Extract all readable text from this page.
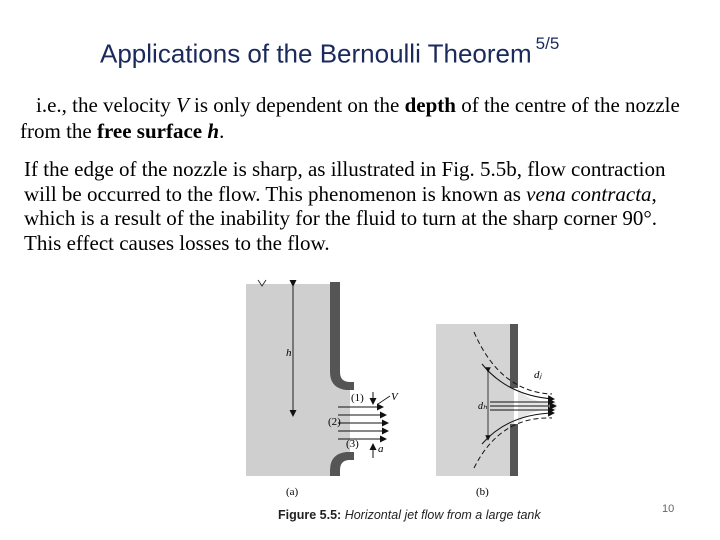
Applications of the Bernoulli Theorem $^{5/5}$
i.e., the velocity V is only dependent on the depth of the centre of the nozzle from the free surface h.
If the edge of the nozzle is sharp, as illustrated in Fig. 5.5b, flow contraction will be occurred to the flow. This phenomenon is known as vena contracta, which is a result of the inability for the fluid to turn at the sharp corner 90°. This effect causes losses to the flow.
h
(1)
(2)
(3)
V
a
(a)
dₕ
dⱼ
(b)
Figure 5.5: Horizontal jet flow from a large tank	10
